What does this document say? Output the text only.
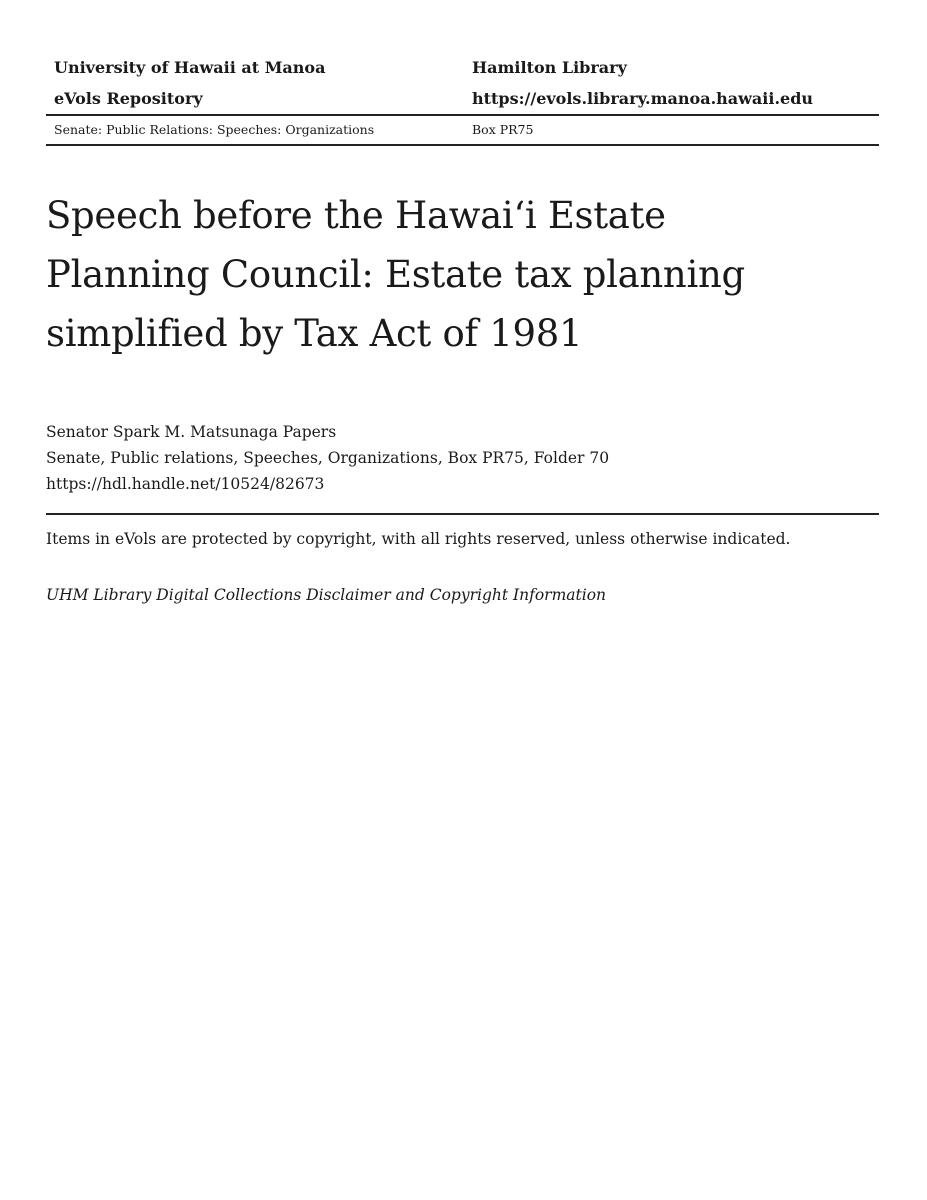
University of Hawaii at Manoa	Hamilton Library
eVols Repository	https://evols.library.manoa.hawaii.edu
Senate: Public Relations: Speeches: Organizations	Box PR75
Speech before the Hawai‘i Estate Planning Council: Estate tax planning simplified by Tax Act of 1981
Senator Spark M. Matsunaga Papers
Senate, Public relations, Speeches, Organizations, Box PR75, Folder 70
https://hdl.handle.net/10524/82673
Items in eVols are protected by copyright, with all rights reserved, unless otherwise indicated.
UHM Library Digital Collections Disclaimer and Copyright Information
